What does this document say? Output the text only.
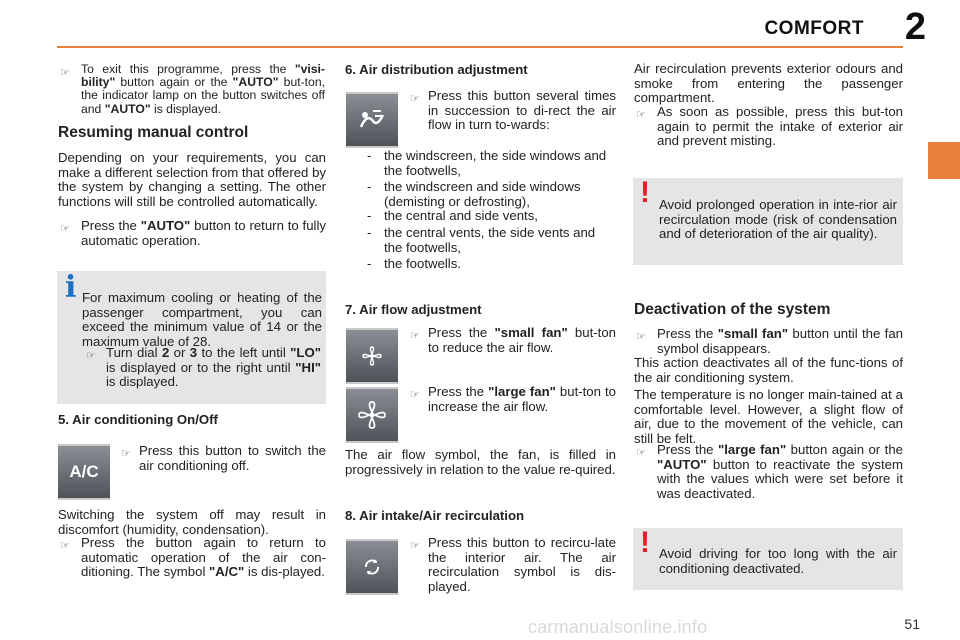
COMFORT 2
☞ To exit this programme, press the "visi-bility" button again or the "AUTO" but-ton, the indicator lamp on the button switches off and "AUTO" is displayed.

Resuming manual control

Depending on your requirements, you can make a different selection from that offered by the system by changing a setting. The other functions will still be controlled automatically.

☞ Press the "AUTO" button to return to fully automatic operation.

i For maximum cooling or heating of the passenger compartment, you can exceed the minimum value of 14 or the maximum value of 28.

☞ Turn dial 2 or 3 to the left until "LO" is displayed or to the right until "HI" is displayed.

5. Air conditioning On/Off
A/C
☞ Press this button to switch the air conditioning off.

Switching the system off may result in discomfort (humidity, condensation).

☞ Press the button again to return to automatic operation of the air con-ditioning. The symbol "A/C" is dis-played.

6. Air distribution adjustment
☞ Press this button several times in succession to di-rect the air flow in turn to-wards:

- the windscreen, the side windows and the footwells,

- the windscreen and side windows (demisting or defrosting),

- the central and side vents,

- the central vents, the side vents and the footwells,

- the footwells.

7. Air flow adjustment
☞ Press the "small fan" but-ton to reduce the air flow.

☞ Press the "large fan" but-ton to increase the air flow.

The air flow symbol, the fan, is filled in progressively in relation to the value re-quired.

8. Air intake/Air recirculation
☞ Press this button to recircu-late the interior air. The air recirculation symbol is dis-played.

Air recirculation prevents exterior odours and smoke from entering the passenger compartment.

☞ As soon as possible, press this but-ton again to permit the intake of exterior air and prevent misting.

! Avoid prolonged operation in inte-rior air recirculation mode (risk of condensation and of deterioration of the air quality).

Deactivation of the system
☞ Press the "small fan" button until the fan symbol disappears.

This action deactivates all of the func-tions of the air conditioning system.

The temperature is no longer main-tained at a comfortable level. However, a slight flow of air, due to the movement of the vehicle, can still be felt.

☞ Press the "large fan" button again or the "AUTO" button to reactivate the system with the values which were set before it was deactivated.

! Avoid driving for too long with the air conditioning deactivated.

carmanualsonline.info	51
